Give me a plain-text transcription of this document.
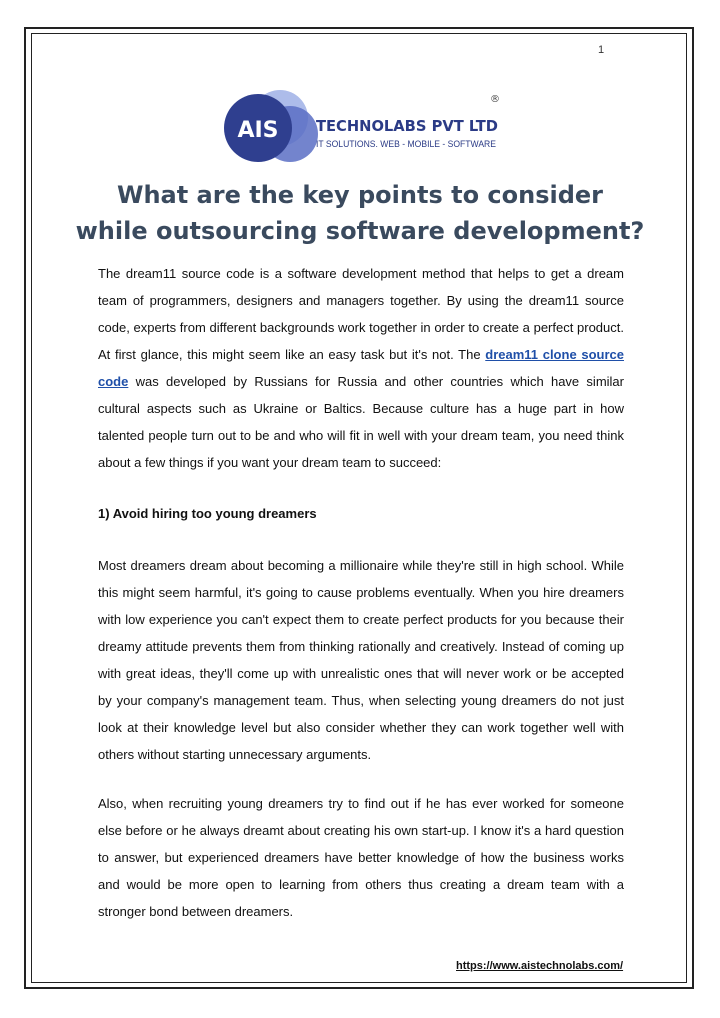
1
AIS TECHNOLABS PVT LTD
IT SOLUTIONS. WEB - MOBILE - SOFTWARE
®
What are the key points to consider
while outsourcing software development?

The dream11 source code is a software development method that helps to get a dream team of programmers, designers and managers together. By using the dream11 source code, experts from different backgrounds work together in order to create a perfect product. At first glance, this might seem like an easy task but it's not. The dream11 clone source code was developed by Russians for Russia and other countries which have similar cultural aspects such as Ukraine or Baltics. Because culture has a huge part in how talented people turn out to be and who will fit in well with your dream team, you need think about a few things if you want your dream team to succeed:

1) Avoid hiring too young dreamers

Most dreamers dream about becoming a millionaire while they're still in high school. While this might seem harmful, it's going to cause problems eventually. When you hire dreamers with low experience you can't expect them to create perfect products for you because their dreamy attitude prevents them from thinking rationally and creatively. Instead of coming up with great ideas, they'll come up with unrealistic ones that will never work or be accepted by your company's management team. Thus, when selecting young dreamers do not just look at their knowledge level but also consider whether they can work together well with others without starting unnecessary arguments.

Also, when recruiting young dreamers try to find out if he has ever worked for someone else before or he always dreamt about creating his own start-up. I know it's a hard question to answer, but experienced dreamers have better knowledge of how the business works and would be more open to learning from others thus creating a dream team with a stronger bond between dreamers.

https://www.aistechnolabs.com/
